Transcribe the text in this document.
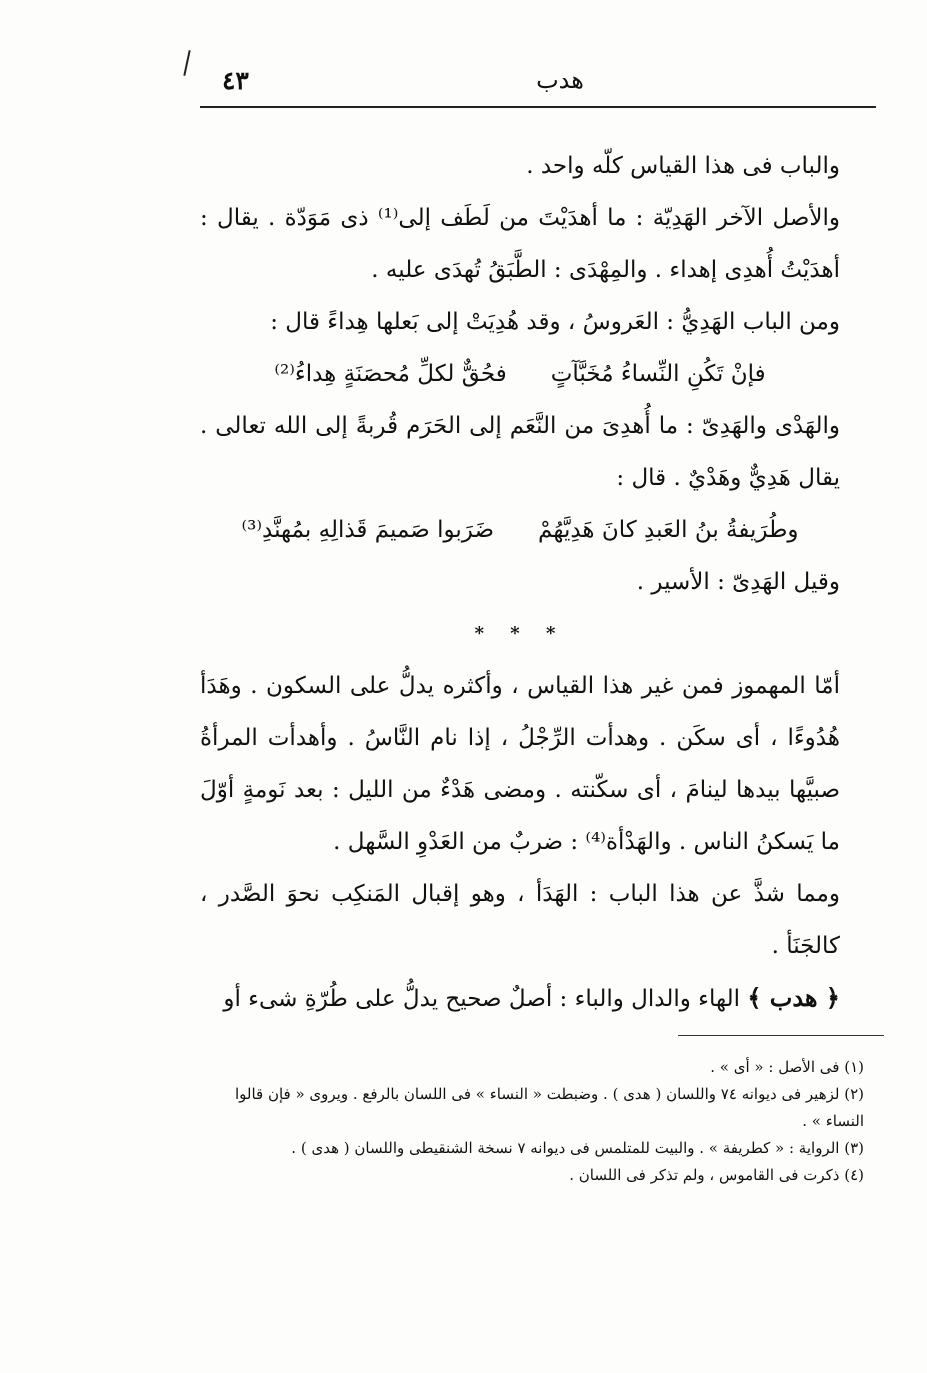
هدب
٤٣

والباب فى هذا القياس كلّه واحد .

والأصل الآخر الهَدِيّة : ما أهدَيْتَ من لَطَف إلى⁽¹⁾ ذى مَوَدّة . يقال : أهدَيْتُ أُهدِى إهداء . والمِهْدَى : الطَّبَقُ تُهدَى عليه .

ومن الباب الهَدِيُّ : العَروسُ ، وقد هُدِيَتْ إلى بَعلها هِداءً قال :

فإنْ تَكُنِ النِّساءُ مُخَبَّآتٍ
فحُقٌّ لكلِّ مُحصَنَةٍ هِداءُ⁽²⁾

والهَدْى والهَدِىّ : ما أُهدِىَ من النَّعَم إلى الحَرَم قُربةً إلى الله تعالى . يقال هَدِيٌّ وهَدْيٌ . قال :

وطُرَيفةُ بنُ العَبدِ كانَ هَدِيَّهُمْ
ضَرَبوا صَميمَ قَذالِهِ بمُهنَّدِ⁽³⁾

وقيل الهَدِىّ : الأسير .

* * *

أمّا المهموز فمن غير هذا القياس ، وأكثره يدلُّ على السكون . وهَدَأ هُدُوءًا ، أى سكَن . وهدأت الرِّجْلُ ، إذا نام النَّاسُ . وأهدأت المرأةُ صبيَّها بيدها لينامَ ، أى سكّنته . ومضى هَدْءٌ من الليل : بعد نَومةٍ أوّلَ ما يَسكنُ الناس . والهَدْأة⁽⁴⁾ : ضربٌ من العَدْوِ السَّهل .

ومما شذَّ عن هذا الباب : الهَدَأ ، وهو إقبال المَنكِب نحوَ الصَّدر ، كالجَنَأ .

﴿ هدب ﴾ الهاء والدال والباء : أصلٌ صحيح يدلُّ على طُرّةِ شىء أو

(١) فى الأصل : « أى » .

(٢) لزهير فى ديوانه ٧٤ واللسان ( هدى ) . وضبطت « النساء » فى اللسان بالرفع . ويروى « فإن قالوا النساء » .

(٣) الرواية : « كطريفة » . والبيت للمتلمس فى ديوانه ٧ نسخة الشنقيطى واللسان ( هدى ) .

(٤) ذكرت فى القاموس ، ولم تذكر فى اللسان .
